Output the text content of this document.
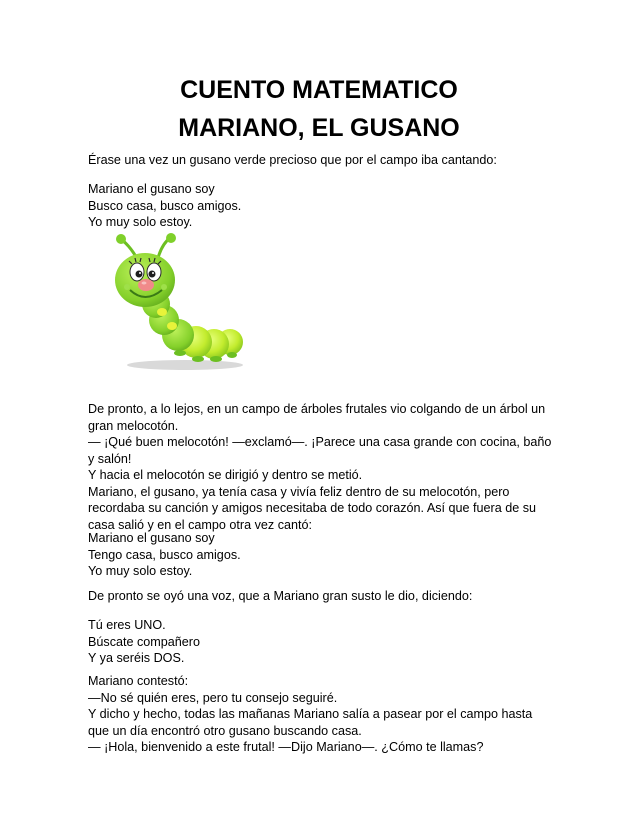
CUENTO MATEMATICO
MARIANO, EL GUSANO

Érase una vez un gusano verde precioso que por el campo iba cantando:

Mariano el gusano soy

Busco casa, busco amigos.

Yo muy solo estoy.

De pronto, a lo lejos, en un campo de árboles frutales vio colgando de un árbol un

gran melocotón.

— ¡Qué buen melocotón! —exclamó—. ¡Parece una casa grande con cocina, baño

y salón!

Y hacia el melocotón se dirigió y dentro se metió.

Mariano, el gusano, ya tenía casa y vivía feliz dentro de su melocotón, pero

recordaba su canción y amigos necesitaba de todo corazón. Así que fuera de su

casa salió y en el campo otra vez cantó:

Mariano el gusano soy

Tengo casa, busco amigos.

Yo muy solo estoy.

De pronto se oyó una voz, que a Mariano gran susto le dio, diciendo:

Tú eres UNO.

Búscate compañero

Y ya seréis DOS.

Mariano contestó:

—No sé quién eres, pero tu consejo seguiré.

Y dicho y hecho, todas las mañanas Mariano salía a pasear por el campo hasta

que un día encontró otro gusano buscando casa.

— ¡Hola, bienvenido a este frutal! —Dijo Mariano—. ¿Cómo te llamas?
